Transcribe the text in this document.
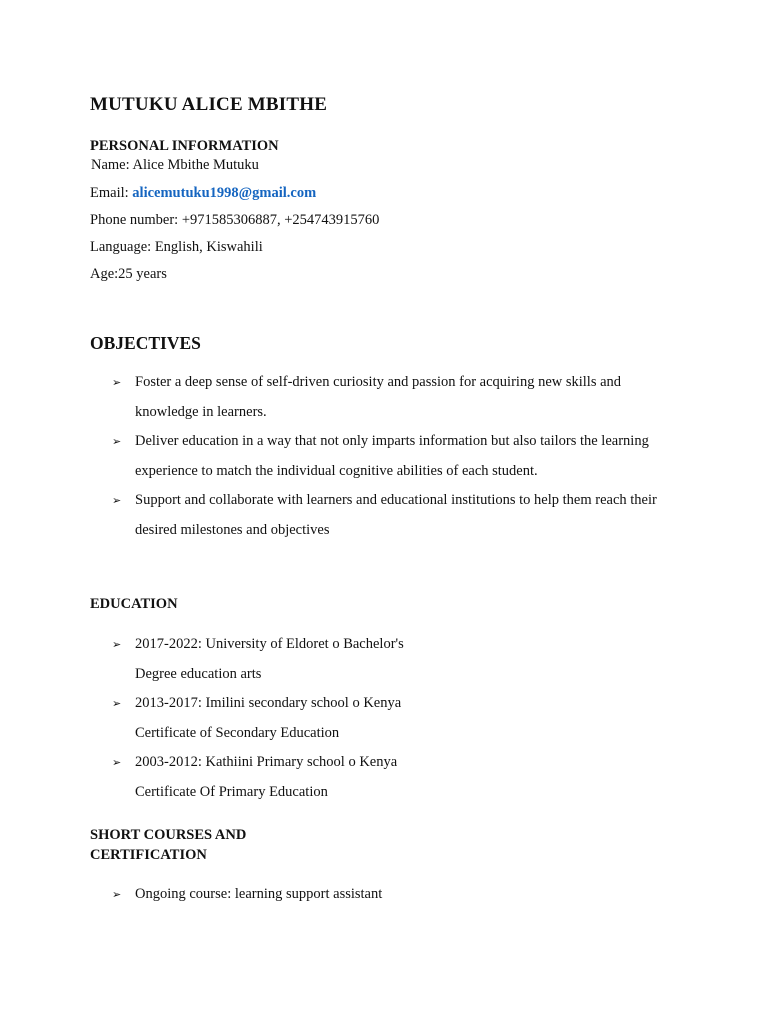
MUTUKU ALICE MBITHE
PERSONAL INFORMATION
Name: Alice Mbithe Mutuku
Email: alicemutuku1998@gmail.com
Phone number: +971585306887, +254743915760
Language: English, Kiswahili
Age:25 years
OBJECTIVES
➢ Foster a deep sense of self-driven curiosity and passion for acquiring new skills and
knowledge in learners.
➢ Deliver education in a way that not only imparts information but also tailors the learning
experience to match the individual cognitive abilities of each student.
➢ Support and collaborate with learners and educational institutions to help them reach their
desired milestones and objectives
EDUCATION
➢ 2017-2022: University of Eldoret o Bachelor's
Degree education arts
➢ 2013-2017: Imilini secondary school o Kenya
Certificate of Secondary Education
➢ 2003-2012: Kathiini Primary school o Kenya
Certificate Of Primary Education
SHORT COURSES AND
CERTIFICATION
➢ Ongoing course: learning support assistant
